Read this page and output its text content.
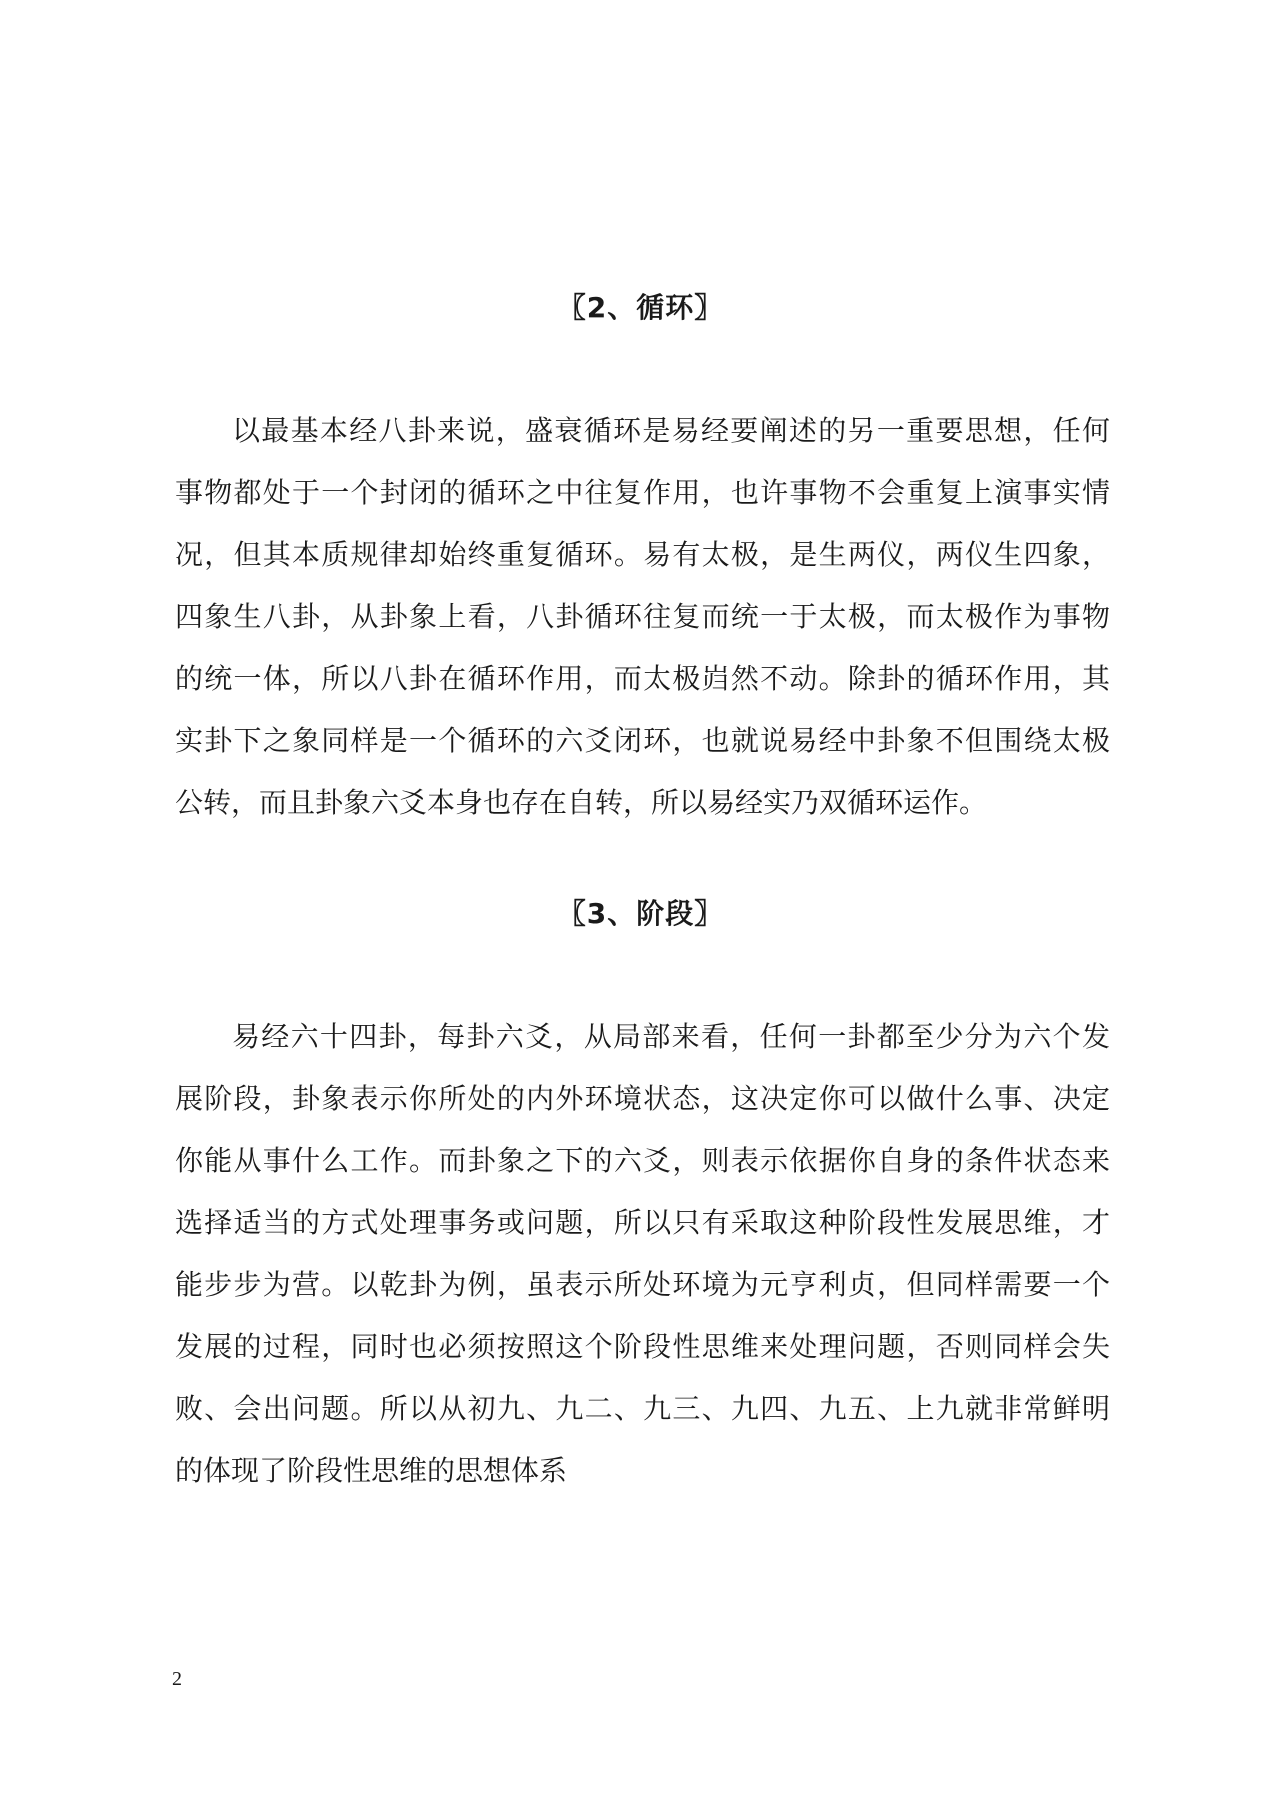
〖2、循环〗
以最基本经八卦来说，盛衰循环是易经要阐述的另一重要思想，任何
事物都处于一个封闭的循环之中往复作用，也许事物不会重复上演事实情
况，但其本质规律却始终重复循环。易有太极，是生两仪，两仪生四象，
四象生八卦，从卦象上看，八卦循环往复而统一于太极，而太极作为事物
的统一体，所以八卦在循环作用，而太极岿然不动。除卦的循环作用，其
实卦下之象同样是一个循环的六爻闭环，也就说易经中卦象不但围绕太极
公转，而且卦象六爻本身也存在自转，所以易经实乃双循环运作。
〖3、阶段〗
易经六十四卦，每卦六爻，从局部来看，任何一卦都至少分为六个发
展阶段，卦象表示你所处的内外环境状态，这决定你可以做什么事、决定
你能从事什么工作。而卦象之下的六爻，则表示依据你自身的条件状态来
选择适当的方式处理事务或问题，所以只有采取这种阶段性发展思维，才
能步步为营。以乾卦为例，虽表示所处环境为元亨利贞，但同样需要一个
发展的过程，同时也必须按照这个阶段性思维来处理问题，否则同样会失
败、会出问题。所以从初九、九二、九三、九四、九五、上九就非常鲜明
的体现了阶段性思维的思想体系
2
